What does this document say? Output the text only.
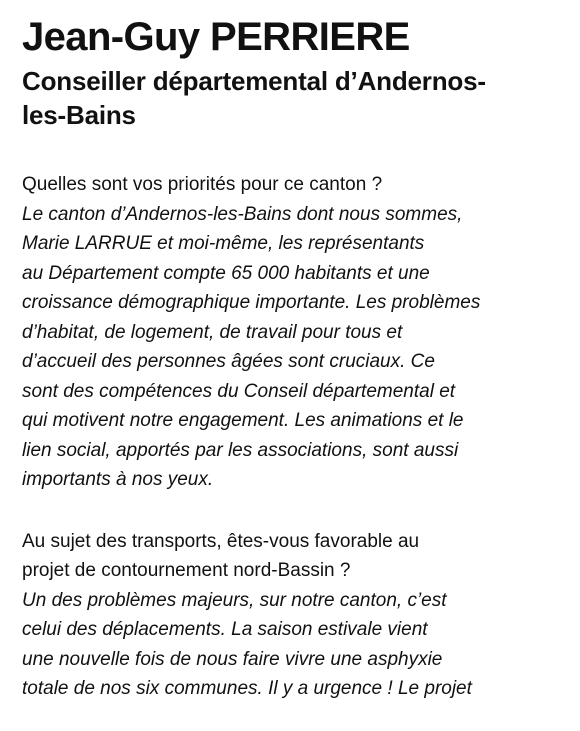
Jean-Guy PERRIERE
Conseiller départemental d’Andernos-
les-Bains

Quelles sont vos priorités pour ce canton ?

Le canton d’Andernos-les-Bains dont nous sommes,
Marie LARRUE et moi-même, les représentants
au Département compte 65 000 habitants et une
croissance démographique importante. Les problèmes
d’habitat, de logement, de travail pour tous et
d’accueil des personnes âgées sont cruciaux. Ce
sont des compétences du Conseil départemental et
qui motivent notre engagement. Les animations et le
lien social, apportés par les associations, sont aussi
importants à nos yeux.

Au sujet des transports, êtes-vous favorable au
projet de contournement nord-Bassin ?

Un des problèmes majeurs, sur notre canton, c’est
celui des déplacements. La saison estivale vient
une nouvelle fois de nous faire vivre une asphyxie
totale de nos six communes. Il y a urgence ! Le projet
